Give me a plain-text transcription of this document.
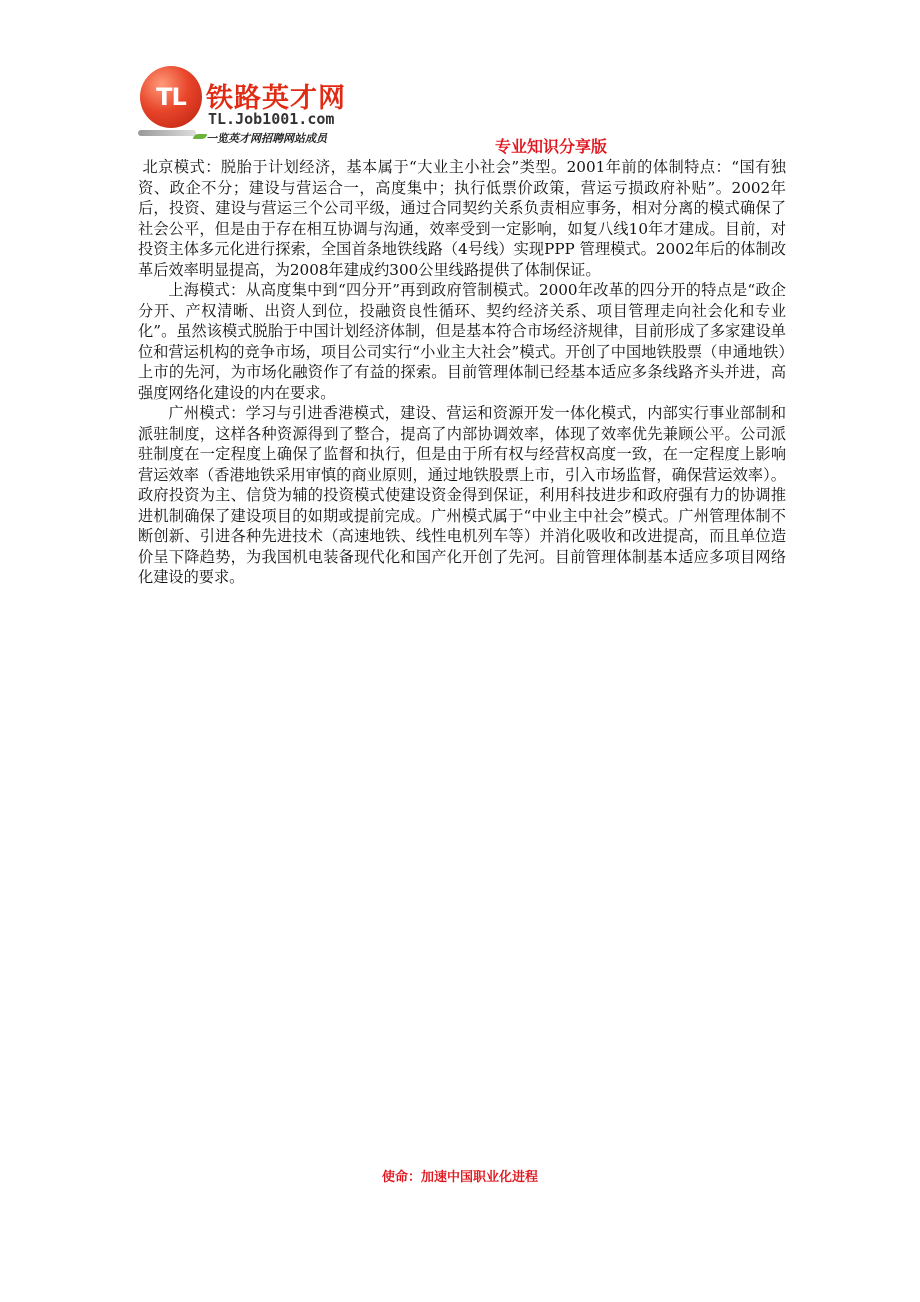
TL 铁路英才网
TL.Job1001.com
一览英才网招聘网站成员	专业知识分享版

北京模式：脱胎于计划经济，基本属于“大业主小社会”类型。2001年前的体制特点：“国有独资、政企不分；建设与营运合一，高度集中；执行低票价政策，营运亏损政府补贴”。2002年后，投资、建设与营运三个公司平级，通过合同契约关系负责相应事务，相对分离的模式确保了社会公平，但是由于存在相互协调与沟通，效率受到一定影响，如复八线10年才建成。目前，对投资主体多元化进行探索，全国首条地铁线路（4号线）实现PPP 管理模式。2002年后的体制改革后效率明显提高，为2008年建成约300公里线路提供了体制保证。

上海模式：从高度集中到“四分开”再到政府管制模式。2000年改革的四分开的特点是“政企分开、产权清晰、出资人到位，投融资良性循环、契约经济关系、项目管理走向社会化和专业化”。虽然该模式脱胎于中国计划经济体制，但是基本符合市场经济规律，目前形成了多家建设单位和营运机构的竞争市场，项目公司实行“小业主大社会”模式。开创了中国地铁股票（申通地铁）上市的先河，为市场化融资作了有益的探索。目前管理体制已经基本适应多条线路齐头并进，高强度网络化建设的内在要求。

广州模式：学习与引进香港模式，建设、营运和资源开发一体化模式，内部实行事业部制和派驻制度，这样各种资源得到了整合，提高了内部协调效率，体现了效率优先兼顾公平。公司派驻制度在一定程度上确保了监督和执行，但是由于所有权与经营权高度一致，在一定程度上影响营运效率（香港地铁采用审慎的商业原则，通过地铁股票上市，引入市场监督，确保营运效率）。政府投资为主、信贷为辅的投资模式使建设资金得到保证，利用科技进步和政府强有力的协调推进机制确保了建设项目的如期或提前完成。广州模式属于“中业主中社会”模式。广州管理体制不断创新、引进各种先进技术（高速地铁、线性电机列车等）并消化吸收和改进提高，而且单位造价呈下降趋势，为我国机电装备现代化和国产化开创了先河。目前管理体制基本适应多项目网络化建设的要求。

使命：加速中国职业化进程
